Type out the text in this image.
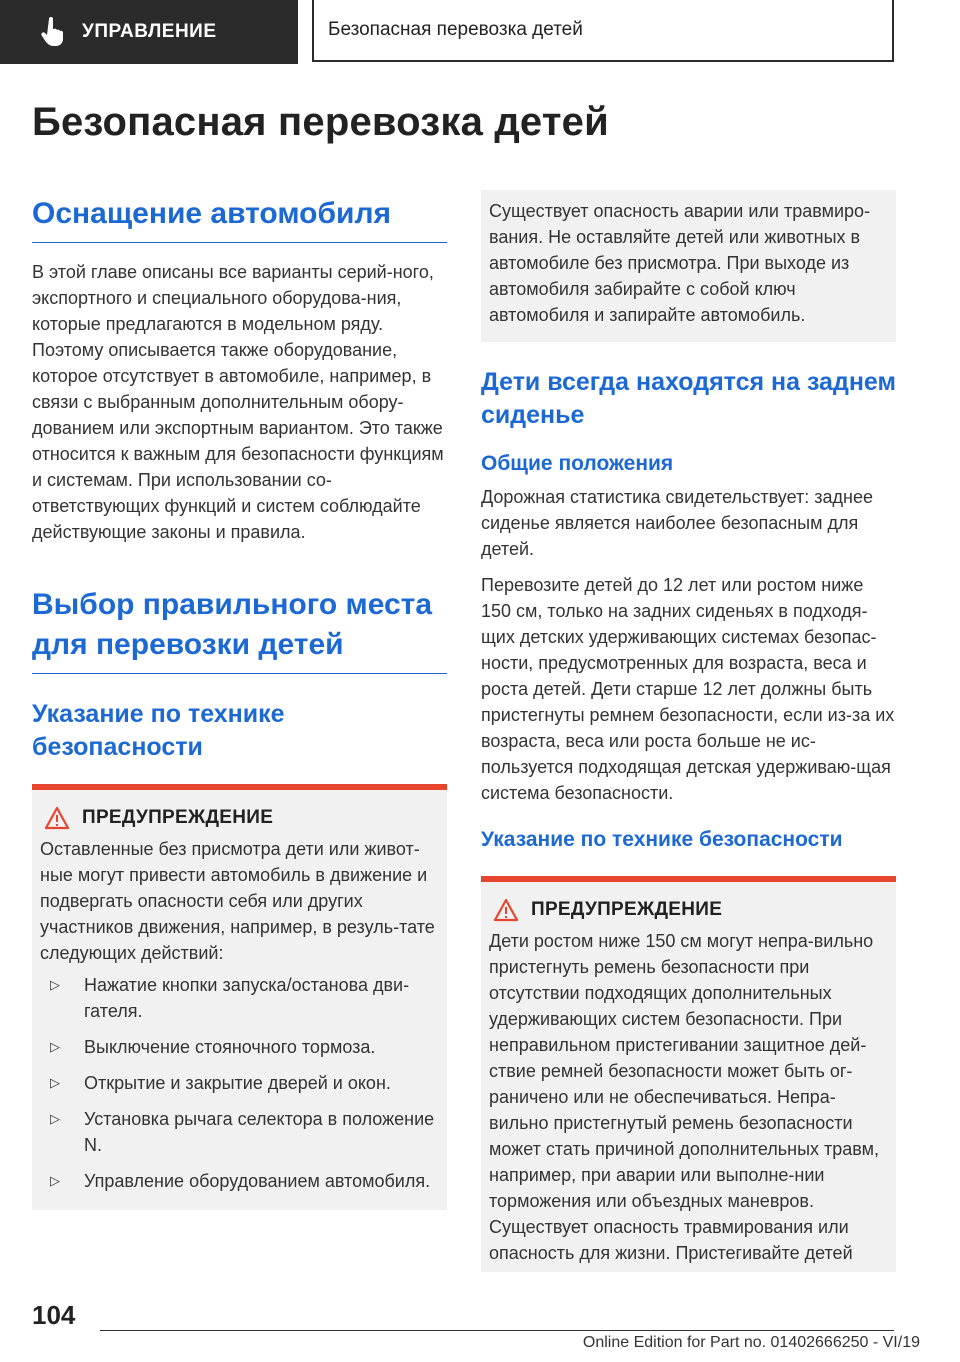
УПРАВЛЕНИЕ	Безопасная перевозка детей
Безопасная перевозка детей
Оснащение автомобиля

В этой главе описаны все варианты серий-ного, экспортного и специального оборудова-ния, которые предлагаются в модельном ряду. Поэтому описывается также оборудование, которое отсутствует в автомобиле, например, в связи с выбранным дополнительным обору-дованием или экспортным вариантом. Это также относится к важным для безопасности функциям и системам. При использовании со-ответствующих функций и систем соблюдайте действующие законы и правила.

Выбор правильного места для перевозки детей
Указание по технике безопасности
ПРЕДУПРЕЖДЕНИЕ

Оставленные без присмотра дети или живот-ные могут привести автомобиль в движение и подвергать опасности себя или других участников движения, например, в резуль-тате следующих действий:

▷	Нажатие кнопки запуска/останова дви-гателя.
▷	Выключение стояночного тормоза.
▷	Открытие и закрытие дверей и окон.
▷	Установка рычага селектора в положение N.
▷	Управление оборудованием автомобиля.

Существует опасность аварии или травмиро-вания. Не оставляйте детей или животных в автомобиле без присмотра. При выходе из автомобиля забирайте с собой ключ автомобиля и запирайте автомобиль.

Дети всегда находятся на заднем сиденье
Общие положения

Дорожная статистика свидетельствует: заднее сиденье является наиболее безопасным для детей.

Перевозите детей до 12 лет или ростом ниже 150 см, только на задних сиденьях в подходя-щих детских удерживающих системах безопас-ности, предусмотренных для возраста, веса и роста детей. Дети старше 12 лет должны быть пристегнуты ремнем безопасности, если из-за их возраста, веса или роста больше не ис-пользуется подходящая детская удерживаю-щая система безопасности.

Указание по технике безопасности
ПРЕДУПРЕЖДЕНИЕ

Дети ростом ниже 150 см могут непра-вильно пристегнуть ремень безопасности при отсутствии подходящих дополнительных удерживающих систем безопасности. При неправильном пристегивании защитное дей-ствие ремней безопасности может быть ог-раничено или не обеспечиваться. Непра-вильно пристегнутый ремень безопасности может стать причиной дополнительных травм, например, при аварии или выполне-нии торможения или объездных маневров. Существует опасность травмирования или опасность для жизни. Пристегивайте детей

104
Online Edition for Part no. 01402666250 - VI/19
